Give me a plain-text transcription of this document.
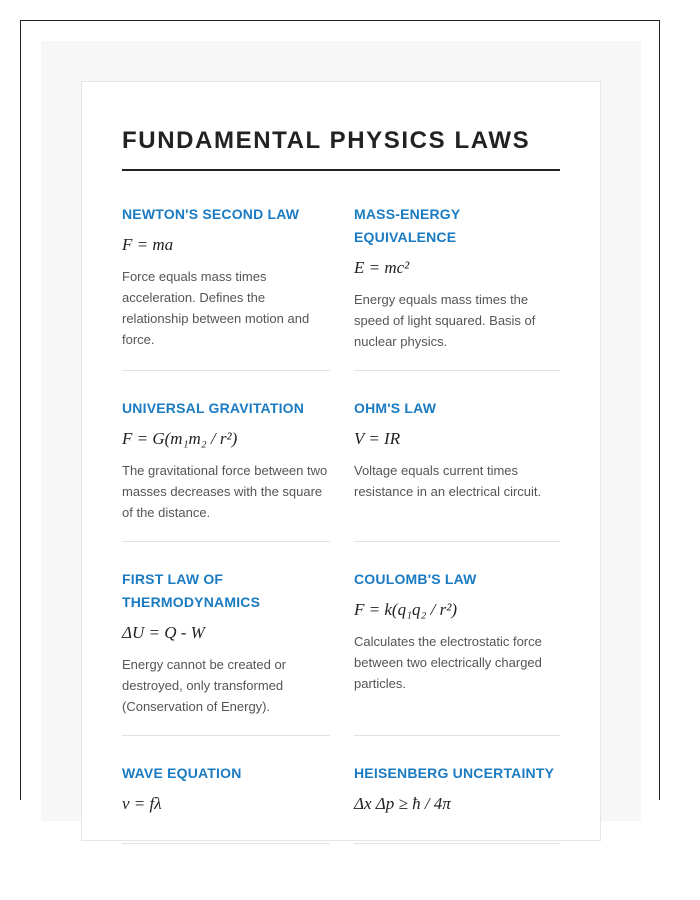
FUNDAMENTAL PHYSICS LAWS
NEWTON'S SECOND LAW
F = ma

Force equals mass times acceleration. Defines the relationship between motion and force.

MASS-ENERGY EQUIVALENCE
E = mc²

Energy equals mass times the speed of light squared. Basis of nuclear physics.

UNIVERSAL GRAVITATION
F = G(m₁m₂ / r²)

The gravitational force between two masses decreases with the square of the distance.

OHM'S LAW
V = IR

Voltage equals current times resistance in an electrical circuit.

FIRST LAW OF THERMODYNAMICS
ΔU = Q - W

Energy cannot be created or destroyed, only transformed (Conservation of Energy).

COULOMB'S LAW
F = k(q₁q₂ / r²)

Calculates the electrostatic force between two electrically charged particles.

WAVE EQUATION
v = fλ

HEISENBERG UNCERTAINTY
Δx Δp ≥ ħ / 4π
